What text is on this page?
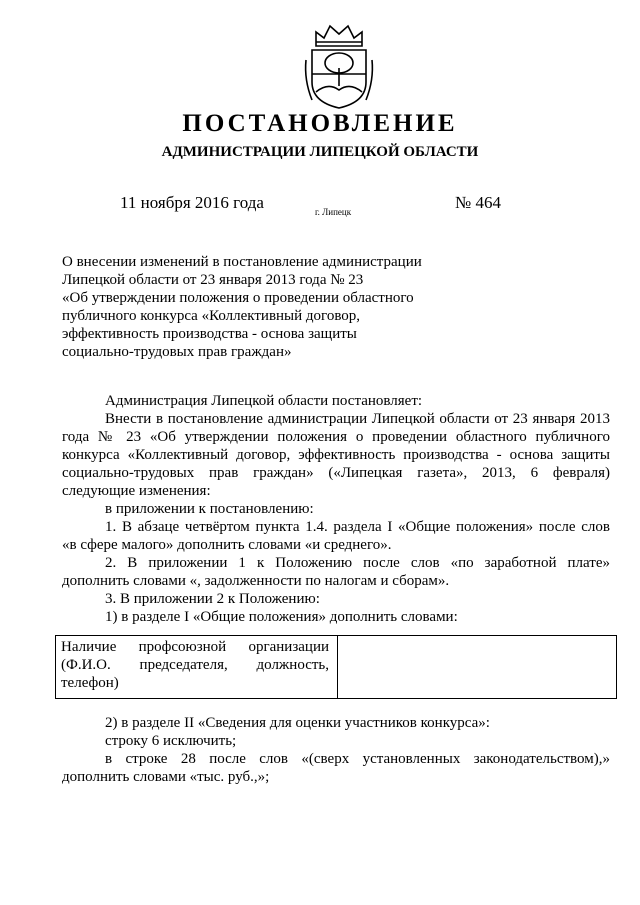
ПОСТАНОВЛЕНИЕ
АДМИНИСТРАЦИИ ЛИПЕЦКОЙ ОБЛАСТИ
11 ноября 2016 года	г. Липецк	№ 464
О внесении изменений в постановление администрации
Липецкой области от 23 января 2013 года № 23
«Об утверждении положения о проведении областного
публичного конкурса «Коллективный договор,
эффективность производства - основа защиты
социально-трудовых прав граждан»
Администрация Липецкой области постановляет:
Внести в постановление администрации Липецкой области от 23 января 2013
года № 23 «Об утверждении положения о проведении областного публичного
конкурса «Коллективный договор, эффективность производства - основа защиты
социально-трудовых прав граждан» («Липецкая газета», 2013, 6 февраля)
следующие изменения:
в приложении к постановлению:
1. В абзаце четвёртом пункта 1.4. раздела I «Общие положения» после слов
«в сфере малого» дополнить словами «и среднего».
2. В приложении 1 к Положению после слов «по заработной плате»
дополнить словами «, задолженности по налогам и сборам».
3. В приложении 2 к Положению:
1) в разделе I «Общие положения» дополнить словами:
Наличие профсоюзной организации
(Ф.И.О. председателя, должность,
телефон)
2) в разделе II «Сведения для оценки участников конкурса»:
строку 6 исключить;
в строке 28 после слов «(сверх установленных законодательством),»
дополнить словами «тыс. руб.,»;
